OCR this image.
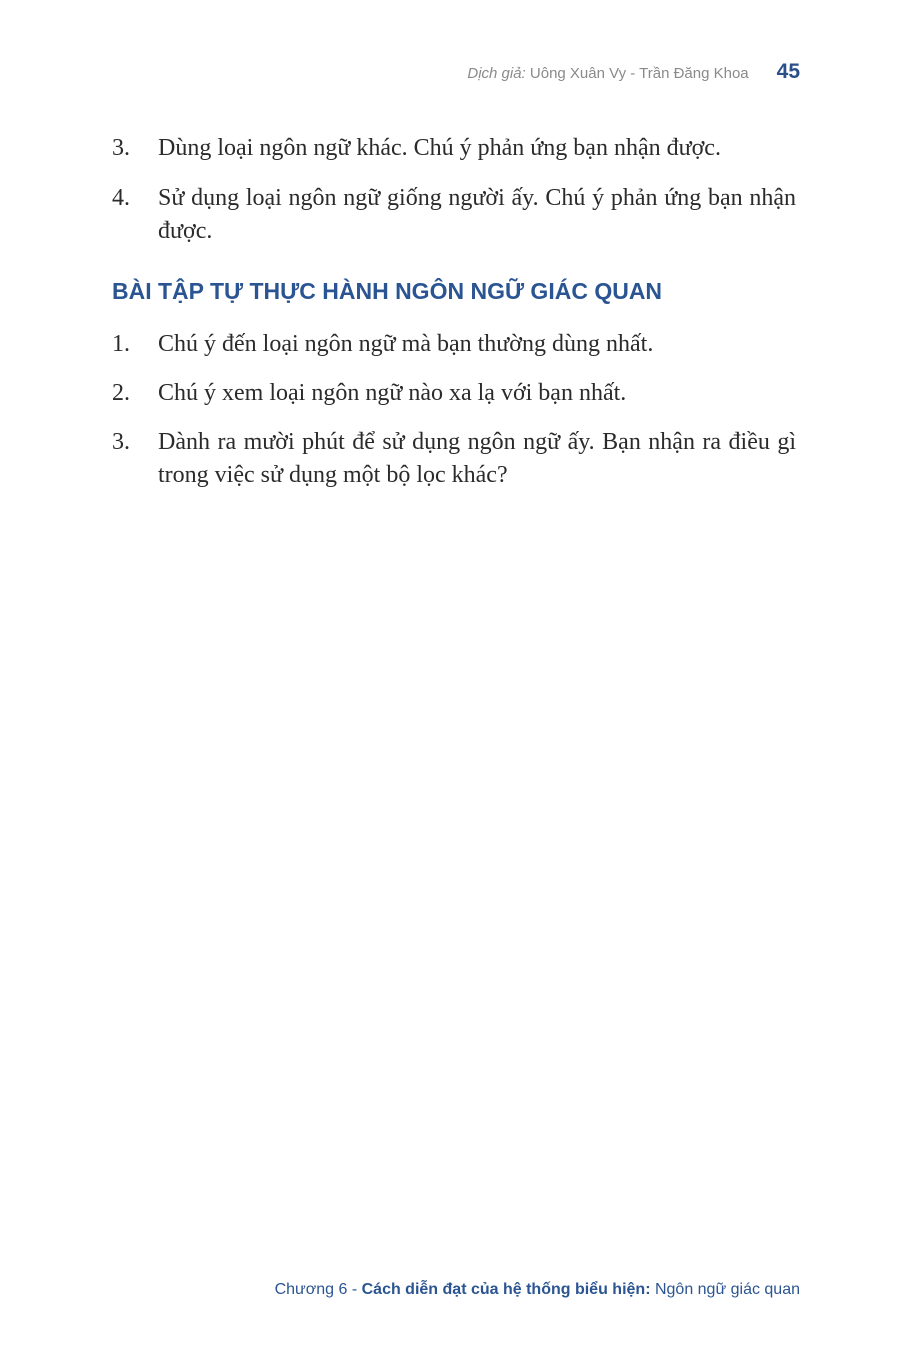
Dịch giả: Uông Xuân Vy - Trần Đăng Khoa 45
3.	Dùng loại ngôn ngữ khác. Chú ý phản ứng bạn nhận được.
4.	Sử dụng loại ngôn ngữ giống người ấy. Chú ý phản ứng bạn nhận được.
BÀI TẬP TỰ THỰC HÀNH NGÔN NGỮ GIÁC QUAN
1.	Chú ý đến loại ngôn ngữ mà bạn thường dùng nhất.
2.	Chú ý xem loại ngôn ngữ nào xa lạ với bạn nhất.
3.	Dành ra mười phút để sử dụng ngôn ngữ ấy. Bạn nhận ra điều gì trong việc sử dụng một bộ lọc khác?
Chương 6 - Cách diễn đạt của hệ thống biểu hiện: Ngôn ngữ giác quan
